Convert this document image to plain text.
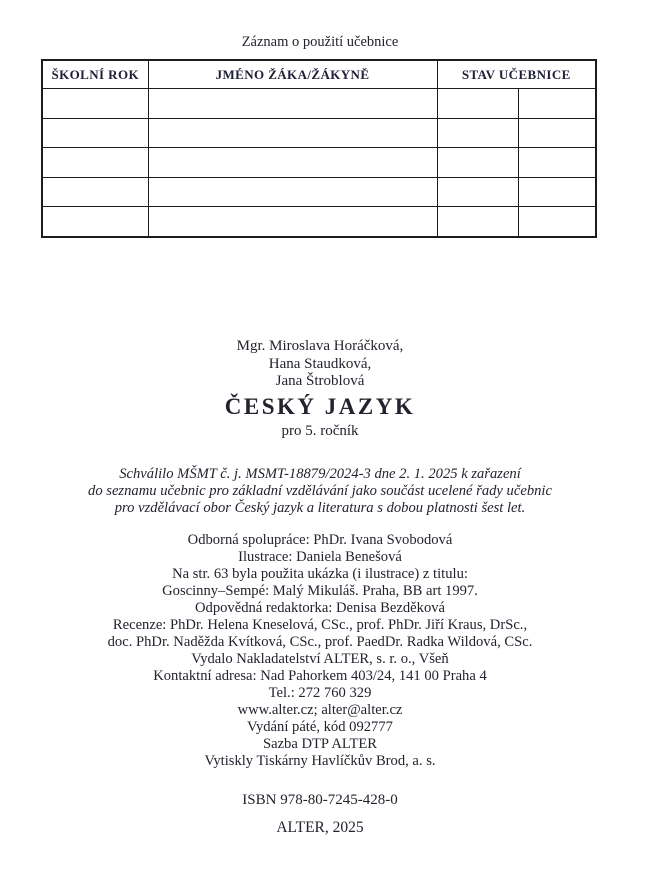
Záznam o použití učebnice
ŠKOLNÍ ROK	JMÉNO ŽÁKA/ŽÁKYNĚ	STAV UČEBNICE	

Mgr. Miroslava Horáčková,
Hana Staudková,
Jana Štroblová
ČESKÝ JAZYK
pro 5. ročník
Schválilo MŠMT č. j. MSMT-18879/2024-3 dne 2. 1. 2025 k zařazení
do seznamu učebnic pro základní vzdělávání jako součást ucelené řady učebnic
pro vzdělávací obor Český jazyk a literatura s dobou platnosti šest let.
Odborná spolupráce: PhDr. Ivana Svobodová
Ilustrace: Daniela Benešová
Na str. 63 byla použita ukázka (i ilustrace) z titulu:
Goscinny–Sempé: Malý Mikuláš. Praha, BB art 1997.
Odpovědná redaktorka: Denisa Bezděková
Recenze: PhDr. Helena Kneselová, CSc., prof. PhDr. Jiří Kraus, DrSc.,
doc. PhDr. Naděžda Kvítková, CSc., prof. PaedDr. Radka Wildová, CSc.
Vydalo Nakladatelství ALTER, s. r. o., Všeň
Kontaktní adresa: Nad Pahorkem 403/24, 141 00 Praha 4
Tel.: 272 760 329
www.alter.cz; alter@alter.cz
Vydání páté, kód 092777
Sazba DTP ALTER
Vytiskly Tiskárny Havlíčkův Brod, a. s.
ISBN 978-80-7245-428-0
ALTER, 2025
